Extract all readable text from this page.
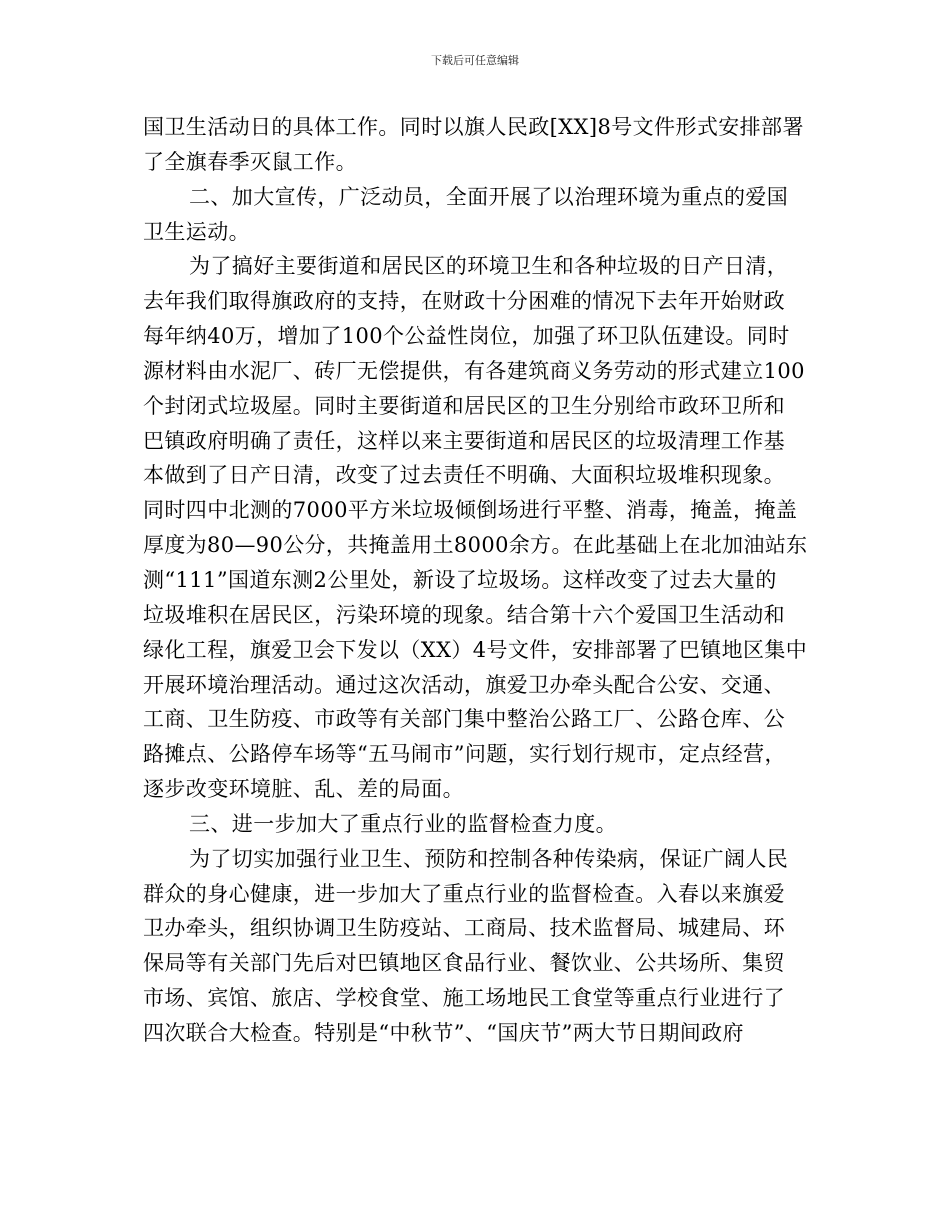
下载后可任意编辑
国卫生活动日的具体工作。同时以旗人民政[XX]8号文件形式安排部署
了全旗春季灭鼠工作。
二、加大宣传，广泛动员，全面开展了以治理环境为重点的爱国
卫生运动。
为了搞好主要街道和居民区的环境卫生和各种垃圾的日产日清，
去年我们取得旗政府的支持，在财政十分困难的情况下去年开始财政
每年纳40万，增加了100个公益性岗位，加强了环卫队伍建设。同时
源材料由水泥厂、砖厂无偿提供，有各建筑商义务劳动的形式建立100
个封闭式垃圾屋。同时主要街道和居民区的卫生分别给市政环卫所和
巴镇政府明确了责任，这样以来主要街道和居民区的垃圾清理工作基
本做到了日产日清，改变了过去责任不明确、大面积垃圾堆积现象。
同时四中北测的7000平方米垃圾倾倒场进行平整、消毒，掩盖，掩盖
厚度为80—90公分，共掩盖用土8000余方。在此基础上在北加油站东
测“111”国道东测2公里处，新设了垃圾场。这样改变了过去大量的
垃圾堆积在居民区，污染环境的现象。结合第十六个爱国卫生活动和
绿化工程，旗爱卫会下发以（XX）4号文件，安排部署了巴镇地区集中
开展环境治理活动。通过这次活动，旗爱卫办牵头配合公安、交通、
工商、卫生防疫、市政等有关部门集中整治公路工厂、公路仓库、公
路摊点、公路停车场等“五马闹市”问题，实行划行规市，定点经营，
逐步改变环境脏、乱、差的局面。
三、进一步加大了重点行业的监督检查力度。
为了切实加强行业卫生、预防和控制各种传染病，保证广阔人民
群众的身心健康，进一步加大了重点行业的监督检查。入春以来旗爱
卫办牵头，组织协调卫生防疫站、工商局、技术监督局、城建局、环
保局等有关部门先后对巴镇地区食品行业、餐饮业、公共场所、集贸
市场、宾馆、旅店、学校食堂、施工场地民工食堂等重点行业进行了
四次联合大检查。特别是“中秋节”、“国庆节”两大节日期间政府
